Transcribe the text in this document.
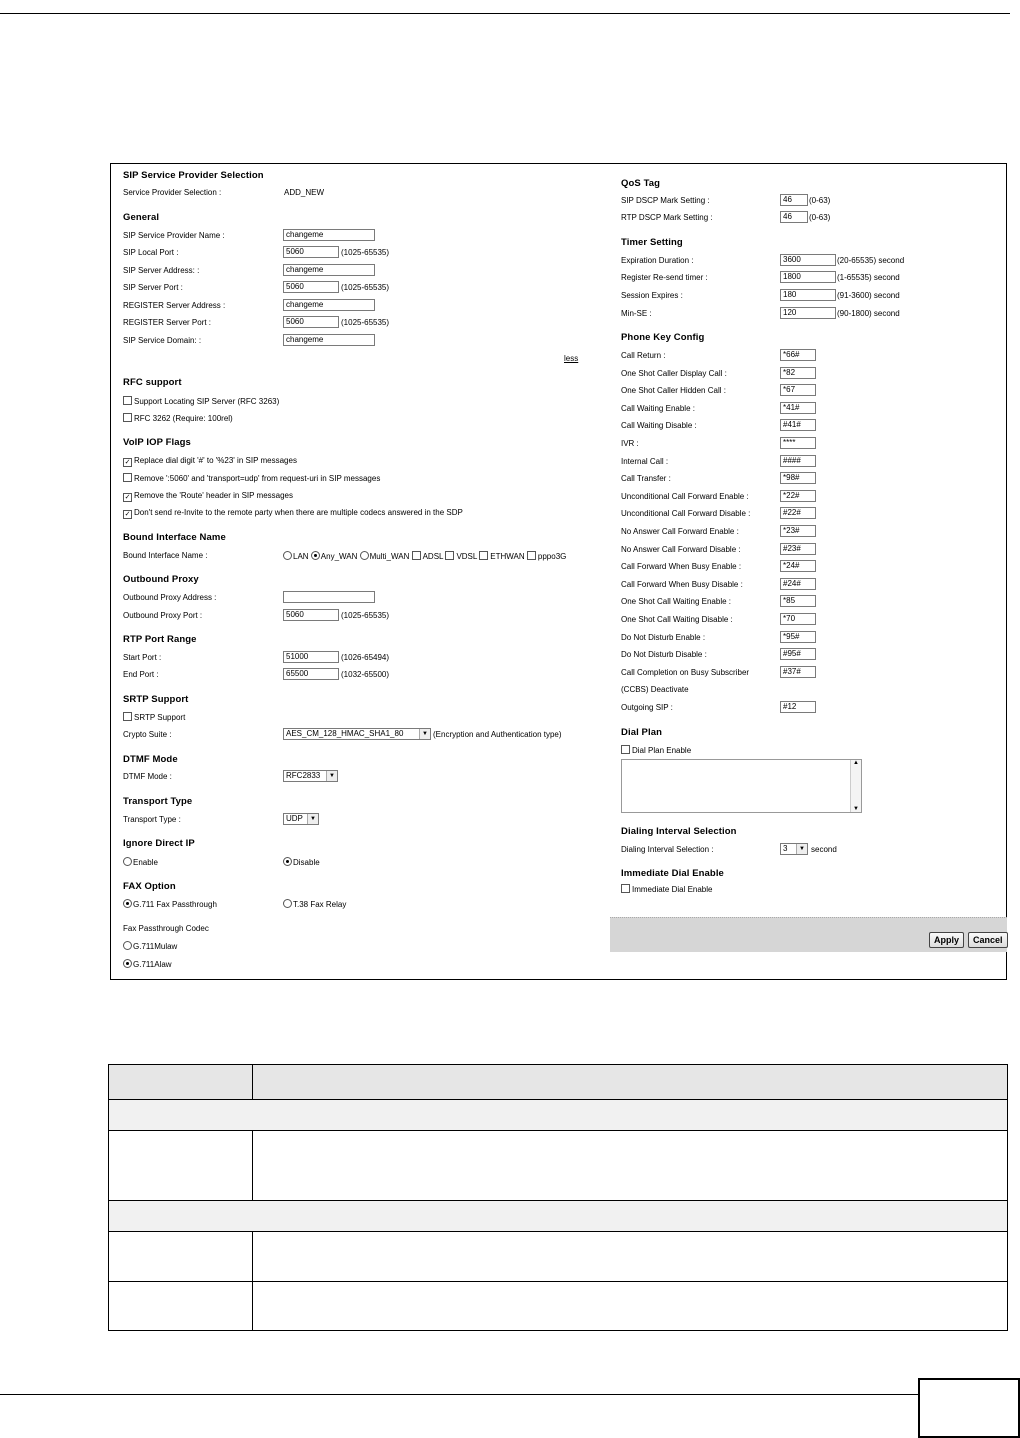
SIP Service Provider Selection
Service Provider Selection :	ADD_NEW
General
SIP Service Provider Name :	changeme
SIP Local Port :	5060	(1025-65535)
SIP Server Address: :	changeme
SIP Server Port :	5060	(1025-65535)
REGISTER Server Address :	changeme
REGISTER Server Port :	5060	(1025-65535)
SIP Service Domain: :	changeme
less
RFC support
Support Locating SIP Server (RFC 3263)
RFC 3262 (Require: 100rel)
VoIP IOP Flags
✓ Replace dial digit '#' to '%23' in SIP messages
Remove ':5060' and 'transport=udp' from request-uri in SIP messages
✓ Remove the 'Route' header in SIP messages
✓ Don't send re-Invite to the remote party when there are multiple codecs answered in the SDP
Bound Interface Name
Bound Interface Name :	LAN Any_WAN Multi_WAN ADSL VDSL ETHWAN pppo3G
Outbound Proxy
Outbound Proxy Address :
Outbound Proxy Port :	5060	(1025-65535)
RTP Port Range
Start Port :	51000	(1026-65494)
End Port :	65500	(1032-65500)
SRTP Support
SRTP Support
Crypto Suite :	AES_CM_128_HMAC_SHA1_80	▼ (Encryption and Authentication type)
DTMF Mode
DTMF Mode :	RFC2833	▼
Transport Type
Transport Type :	UDP	▼
Ignore Direct IP
Enable	Disable
FAX Option
G.711 Fax Passthrough	T.38 Fax Relay
Fax Passthrough Codec
G.711Mulaw
G.711Alaw
QoS Tag
SIP DSCP Mark Setting :	46	(0-63)
RTP DSCP Mark Setting :	46	(0-63)
Timer Setting
Expiration Duration :	3600	(20-65535) second
Register Re-send timer :	1800	(1-65535) second
Session Expires :	180	(91-3600) second
Min-SE :	120	(90-1800) second
Phone Key Config
Call Return :	*66#
One Shot Caller Display Call :	*82
One Shot Caller Hidden Call :	*67
Call Waiting Enable :	*41#
Call Waiting Disable :	#41#
IVR :	****
Internal Call :	####
Call Transfer :	*98#
Unconditional Call Forward Enable :	*22#
Unconditional Call Forward Disable :	#22#
No Answer Call Forward Enable :	*23#
No Answer Call Forward Disable :	#23#
Call Forward When Busy Enable :	*24#
Call Forward When Busy Disable :	#24#
One Shot Call Waiting Enable :	*85
One Shot Call Waiting Disable :	*70
Do Not Disturb Enable :	*95#
Do Not Disturb Disable :	#95#
Call Completion on Busy Subscriber	#37#
(CCBS) Deactivate
Outgoing SIP :	#12
Dial Plan
Dial Plan Enable
▲
▼
Dialing Interval Selection
Dialing Interval Selection :	3	▼ second
Immediate Dial Enable
Immediate Dial Enable
Apply	Cancel
